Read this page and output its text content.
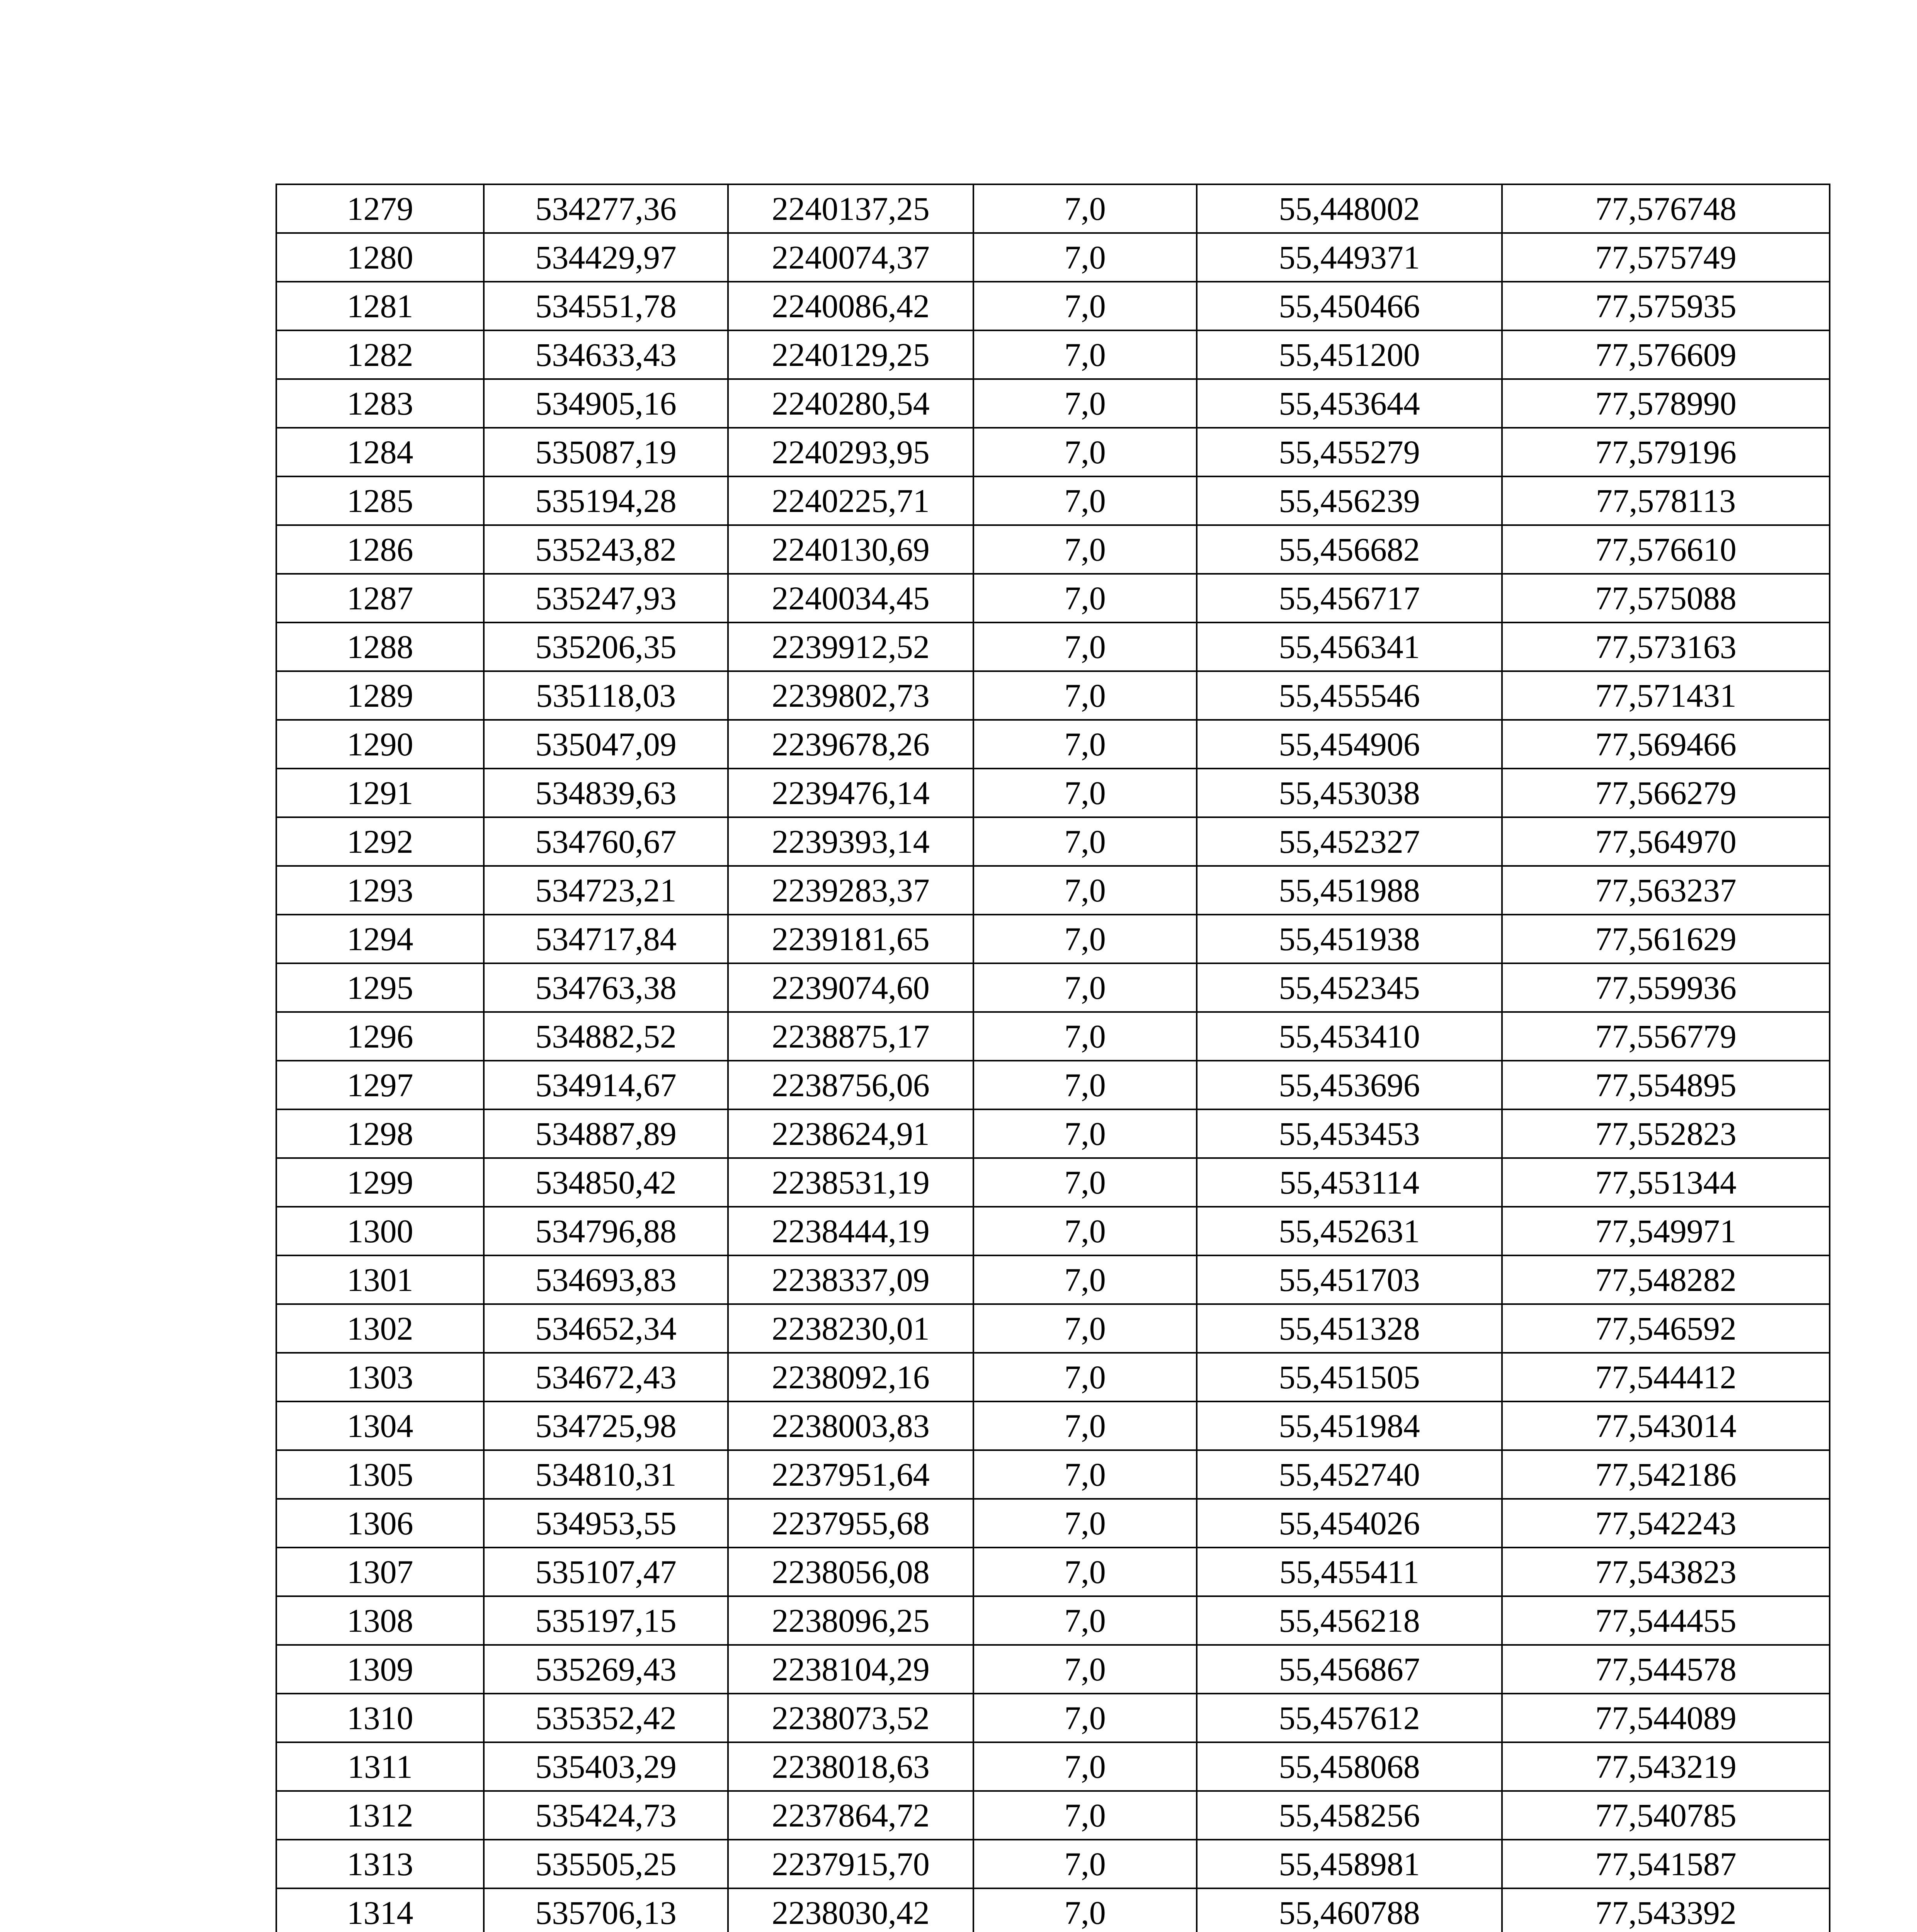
1279	534277,36	2240137,25	7,0	55,448002	77,576748
1280	534429,97	2240074,37	7,0	55,449371	77,575749
1281	534551,78	2240086,42	7,0	55,450466	77,575935
1282	534633,43	2240129,25	7,0	55,451200	77,576609
1283	534905,16	2240280,54	7,0	55,453644	77,578990
1284	535087,19	2240293,95	7,0	55,455279	77,579196
1285	535194,28	2240225,71	7,0	55,456239	77,578113
1286	535243,82	2240130,69	7,0	55,456682	77,576610
1287	535247,93	2240034,45	7,0	55,456717	77,575088
1288	535206,35	2239912,52	7,0	55,456341	77,573163
1289	535118,03	2239802,73	7,0	55,455546	77,571431
1290	535047,09	2239678,26	7,0	55,454906	77,569466
1291	534839,63	2239476,14	7,0	55,453038	77,566279
1292	534760,67	2239393,14	7,0	55,452327	77,564970
1293	534723,21	2239283,37	7,0	55,451988	77,563237
1294	534717,84	2239181,65	7,0	55,451938	77,561629
1295	534763,38	2239074,60	7,0	55,452345	77,559936
1296	534882,52	2238875,17	7,0	55,453410	77,556779
1297	534914,67	2238756,06	7,0	55,453696	77,554895
1298	534887,89	2238624,91	7,0	55,453453	77,552823
1299	534850,42	2238531,19	7,0	55,453114	77,551344
1300	534796,88	2238444,19	7,0	55,452631	77,549971
1301	534693,83	2238337,09	7,0	55,451703	77,548282
1302	534652,34	2238230,01	7,0	55,451328	77,546592
1303	534672,43	2238092,16	7,0	55,451505	77,544412
1304	534725,98	2238003,83	7,0	55,451984	77,543014
1305	534810,31	2237951,64	7,0	55,452740	77,542186
1306	534953,55	2237955,68	7,0	55,454026	77,542243
1307	535107,47	2238056,08	7,0	55,455411	77,543823
1308	535197,15	2238096,25	7,0	55,456218	77,544455
1309	535269,43	2238104,29	7,0	55,456867	77,544578
1310	535352,42	2238073,52	7,0	55,457612	77,544089
1311	535403,29	2238018,63	7,0	55,458068	77,543219
1312	535424,73	2237864,72	7,0	55,458256	77,540785
1313	535505,25	2237915,70	7,0	55,458981	77,541587
1314	535706,13	2238030,42	7,0	55,460788	77,543392
